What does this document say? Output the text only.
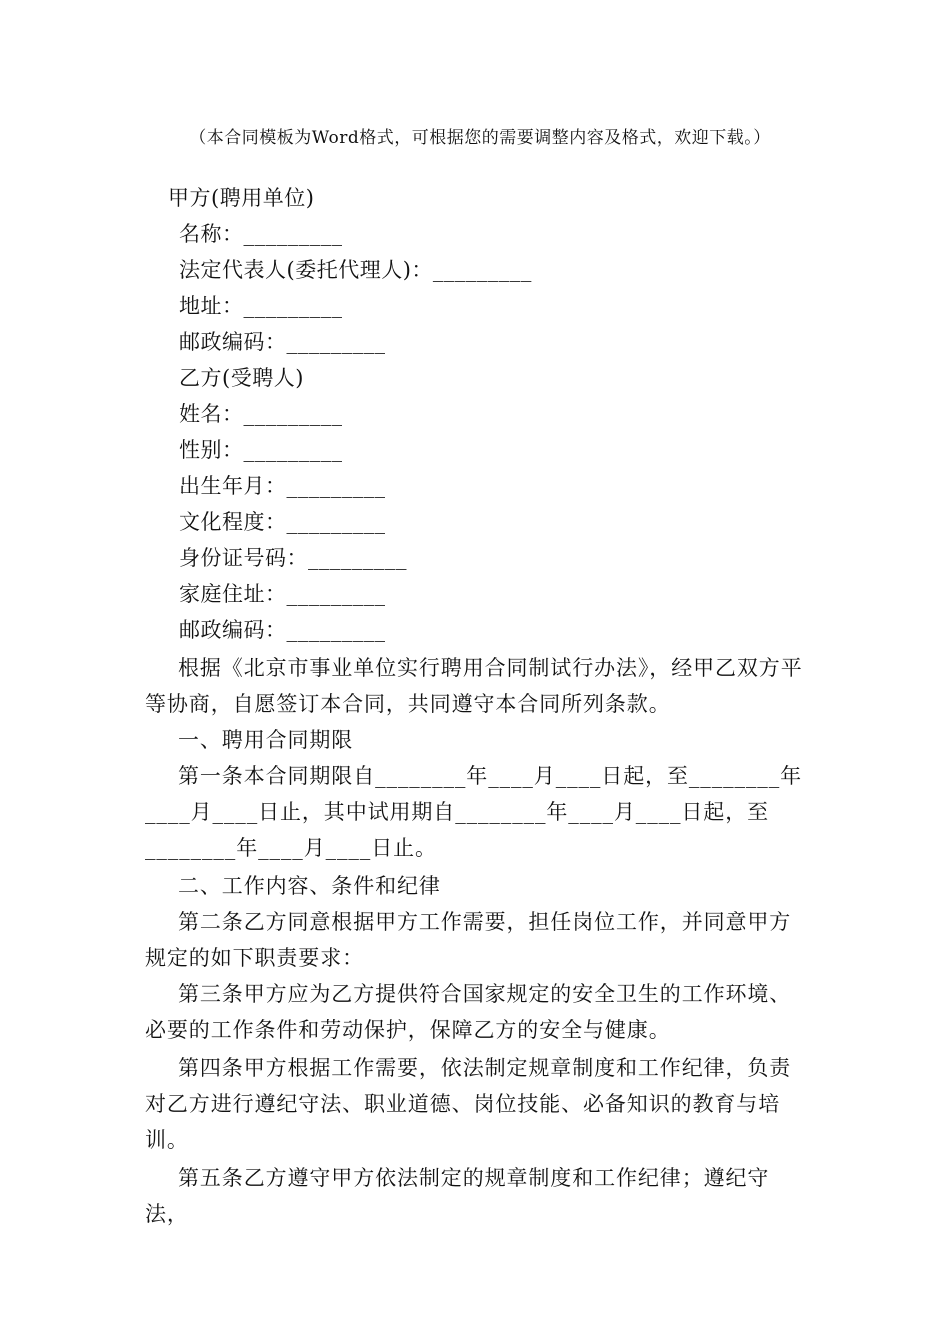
（本合同模板为Word格式，可根据您的需要调整内容及格式，欢迎下载。）
甲方(聘用单位)
名称：_________
法定代表人(委托代理人)：_________
地址：_________
邮政编码：_________
乙方(受聘人)
姓名：_________
性别：_________
出生年月：_________
文化程度：_________
身份证号码：_________
家庭住址：_________
邮政编码：_________
根据《北京市事业单位实行聘用合同制试行办法》，经甲乙双方平等协商，自愿签订本合同，共同遵守本合同所列条款。
一、聘用合同期限
第一条本合同期限自________年____月____日起，至________年____月____日止，其中试用期自________年____月____日起，至________年____月____日止。
二、工作内容、条件和纪律
第二条乙方同意根据甲方工作需要，担任岗位工作，并同意甲方规定的如下职责要求：
第三条甲方应为乙方提供符合国家规定的安全卫生的工作环境、必要的工作条件和劳动保护，保障乙方的安全与健康。
第四条甲方根据工作需要，依法制定规章制度和工作纪律，负责对乙方进行遵纪守法、职业道德、岗位技能、必备知识的教育与培训。
第五条乙方遵守甲方依法制定的规章制度和工作纪律；遵纪守法，
